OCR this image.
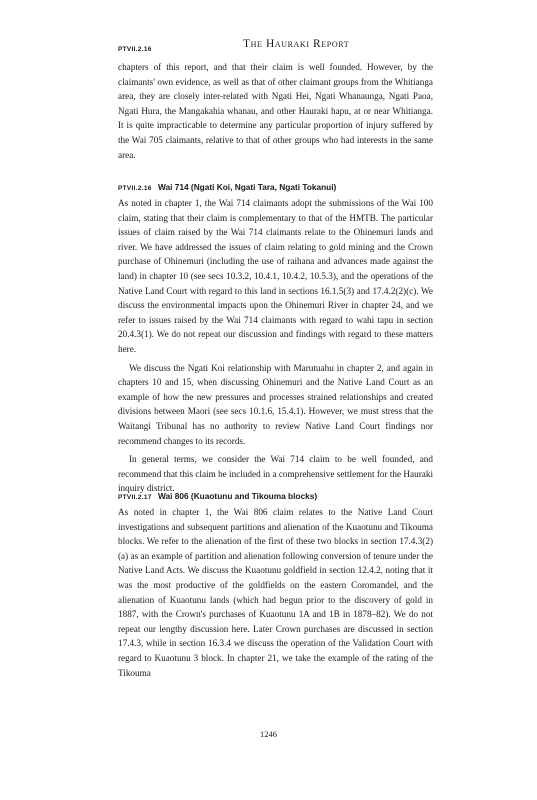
PTVII.2.16	The Hauraki Report

chapters of this report, and that their claim is well founded. However, by the claimants' own evidence, as well as that of other claimant groups from the Whitianga area, they are closely inter-related with Ngati Hei, Ngati Whanaunga, Ngati Paoa, Ngati Hura, the Mangakahia whanau, and other Hauraki hapu, at or near Whitianga. It is quite impracticable to determine any particular proportion of injury suffered by the Wai 705 claimants, relative to that of other groups who had interests in the same area.

PTVII.2.16 Wai 714 (Ngati Koi, Ngati Tara, Ngati Tokanui)

As noted in chapter 1, the Wai 714 claimants adopt the submissions of the Wai 100 claim, stating that their claim is complementary to that of the HMTB. The particular issues of claim raised by the Wai 714 claimants relate to the Ohinemuri lands and river. We have addressed the issues of claim relating to gold mining and the Crown purchase of Ohinemuri (including the use of raihana and advances made against the land) in chapter 10 (see secs 10.3.2, 10.4.1, 10.4.2, 10.5.3), and the operations of the Native Land Court with regard to this land in sections 16.1.5(3) and 17.4.2(2)(c). We discuss the environmental impacts upon the Ohinemuri River in chapter 24, and we refer to issues raised by the Wai 714 claimants with regard to wahi tapu in section 20.4.3(1). We do not repeat our discussion and findings with regard to these matters here.

We discuss the Ngati Koi relationship with Marutuahu in chapter 2, and again in chapters 10 and 15, when discussing Ohinemuri and the Native Land Court as an example of how the new pressures and processes strained relationships and created divisions between Maori (see secs 10.1.6, 15.4.1). However, we must stress that the Waitangi Tribunal has no authority to review Native Land Court findings nor recommend changes to its records.

In general terms, we consider the Wai 714 claim to be well founded, and recommend that this claim be included in a comprehensive settlement for the Hauraki inquiry district.

PTVII.2.17 Wai 806 (Kuaotunu and Tikouma blocks)

As noted in chapter 1, the Wai 806 claim relates to the Native Land Court investigations and subsequent partitions and alienation of the Kuaotunu and Tikouma blocks. We refer to the alienation of the first of these two blocks in section 17.4.3(2)(a) as an example of partition and alienation following conversion of tenure under the Native Land Acts. We discuss the Kuaotunu goldfield in section 12.4.2, noting that it was the most productive of the goldfields on the eastern Coromandel, and the alienation of Kuaotunu lands (which had begun prior to the discovery of gold in 1887, with the Crown's purchases of Kuaotunu 1A and 1B in 1878–82). We do not repeat our lengthy discussion here. Later Crown purchases are discussed in section 17.4.3, while in section 16.3.4 we discuss the operation of the Validation Court with regard to Kuaotunu 3 block. In chapter 21, we take the example of the rating of the Tikouma

1246
